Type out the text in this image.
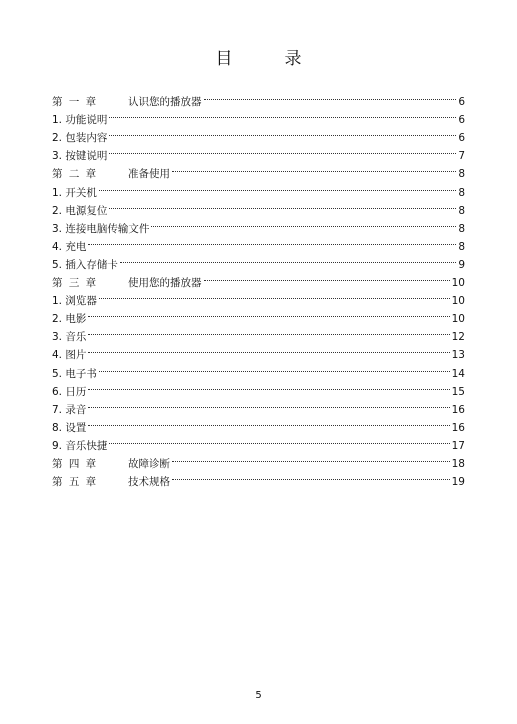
目	录
第 一 章	认识您的播放器	6
1. 功能说明	6
2. 包装内容	6
3. 按键说明	7
第 二 章	准备使用	8
1. 开关机	8
2. 电源复位	8
3. 连接电脑传输文件	8
4. 充电	8
5. 插入存储卡	9
第 三 章	使用您的播放器	10
1. 浏览器	10
2. 电影	10
3. 音乐	12
4. 图片	13
5. 电子书	14
6. 日历	15
7. 录音	16
8. 设置	16
9. 音乐快捷	17
第 四 章	故障诊断	18
第 五 章	技术规格	19
5
